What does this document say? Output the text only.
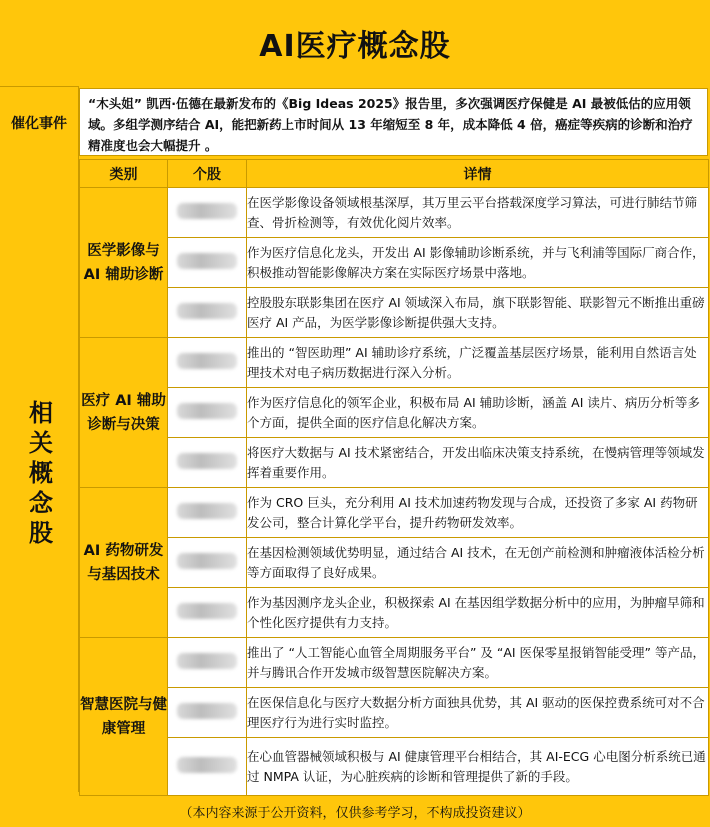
AI医疗概念股
催化事件
“木头姐” 凯西·伍德在最新发布的《Big Ideas 2025》报告里，多次强调医疗保健是 AI 最被低估的应用领域。多组学测序结合 AI，能把新药上市时间从 13 年缩短至 8 年，成本降低 4 倍，癌症等疾病的诊断和治疗精准度也会大幅提升 。
相关概念股
类别	个股	详情
医学影像与 AI 辅助诊断		在医学影像设备领域根基深厚，其万里云平台搭载深度学习算法，可进行肺结节筛查、骨折检测等，有效优化阅片效率。
		作为医疗信息化龙头，开发出 AI 影像辅助诊断系统，并与飞利浦等国际厂商合作，积极推动智能影像解决方案在实际医疗场景中落地。
		控股股东联影集团在医疗 AI 领域深入布局，旗下联影智能、联影智元不断推出重磅医疗 AI 产品，为医学影像诊断提供强大支持。
医疗 AI 辅助诊断与决策		推出的 “智医助理” AI 辅助诊疗系统，广泛覆盖基层医疗场景，能利用自然语言处理技术对电子病历数据进行深入分析。
		作为医疗信息化的领军企业，积极布局 AI 辅助诊断，涵盖 AI 读片、病历分析等多个方面，提供全面的医疗信息化解决方案。
		将医疗大数据与 AI 技术紧密结合，开发出临床决策支持系统，在慢病管理等领域发挥着重要作用。
AI 药物研发与基因技术		作为 CRO 巨头，充分利用 AI 技术加速药物发现与合成，还投资了多家 AI 药物研发公司，整合计算化学平台，提升药物研发效率。
		在基因检测领域优势明显，通过结合 AI 技术，在无创产前检测和肿瘤液体活检分析等方面取得了良好成果。
		作为基因测序龙头企业，积极探索 AI 在基因组学数据分析中的应用，为肿瘤早筛和个性化医疗提供有力支持。
智慧医院与健康管理		推出了 “人工智能心血管全周期服务平台” 及 “AI 医保零星报销智能受理” 等产品，并与腾讯合作开发城市级智慧医院解决方案。
		在医保信息化与医疗大数据分析方面独具优势，其 AI 驱动的医保控费系统可对不合理医疗行为进行实时监控。
		在心血管器械领域积极与 AI 健康管理平台相结合，其 AI-ECG 心电图分析系统已通过 NMPA 认证，为心脏疾病的诊断和管理提供了新的手段。
（本内容来源于公开资料，仅供参考学习，不构成投资建议）
